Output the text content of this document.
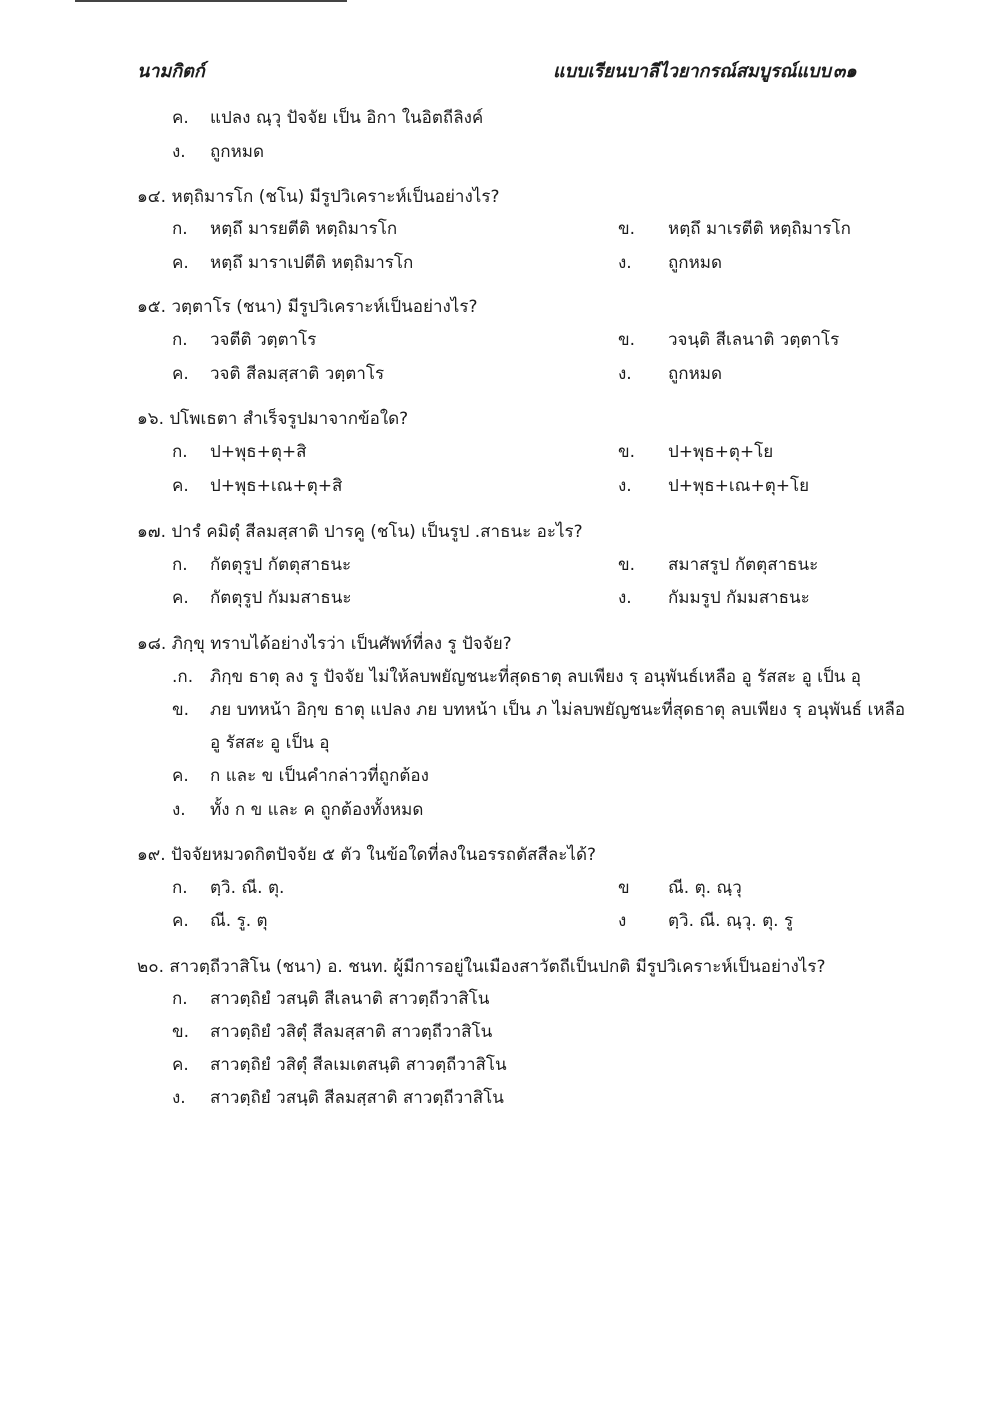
นามกิตก์	แบบเรียนบาลีไวยากรณ์สมบูรณ์แบบ ๓๑
ค.	แปลง ณฺวุ ปัจจัย เป็น อิกา ในอิตถีลิงค์
ง.	ถูกหมด
๑๔. หตฺถิมารโก (ชโน) มีรูปวิเคราะห์เป็นอย่างไร?
ก.	หตฺถึ มารยตีติ หตฺถิมารโก	ข.	หตฺถึ มาเรตีติ หตฺถิมารโก
ค.	หตฺถึ มาราเปตีติ หตฺถิมารโก	ง.	ถูกหมด
๑๕. วตฺตาโร (ชนา) มีรูปวิเคราะห์เป็นอย่างไร?
ก.	วจตีติ วตฺตาโร	ข.	วจนฺติ สีเลนาติ วตฺตาโร
ค.	วจติ สีลมสฺสาติ วตฺตาโร	ง.	ถูกหมด
๑๖. ปโพเธตา สำเร็จรูปมาจากข้อใด?
ก.	ป+พุธ+ตุ+สิ	ข.	ป+พุธ+ตุ+โย
ค.	ป+พุธ+เณ+ตุ+สิ	ง.	ป+พุธ+เณ+ตุ+โย
๑๗. ปารํ คมิตุํ สีลมสฺสาติ ปารคู (ชโน) เป็นรูป .สาธนะ อะไร?
ก.	กัตตุรูป กัตตุสาธนะ	ข.	สมาสรูป กัตตุสาธนะ
ค.	กัตตุรูป กัมมสาธนะ	ง.	กัมมรูป กัมมสาธนะ
๑๘. ภิกฺขุ ทราบได้อย่างไรว่า เป็นศัพท์ที่ลง รู ปัจจัย?
.ก. ภิกฺข ธาตุ ลง รู ปัจจัย ไม่ให้ลบพยัญชนะที่สุดธาตุ ลบเพียง รฺ อนุพันธ์เหลือ อู รัสสะ อู เป็น อุ
ข.	ภย บทหน้า อิกฺข ธาตุ แปลง ภย บทหน้า เป็น ภ ไม่ลบพยัญชนะที่สุดธาตุ ลบเพียง รฺ อนุพันธ์ เหลือ
อู รัสสะ อู เป็น อุ
ค.	ก และ ข เป็นคำกล่าวที่ถูกต้อง
ง.	ทั้ง ก ข และ ค ถูกต้องทั้งหมด
๑๙. ปัจจัยหมวดกิตปัจจัย ๕ ตัว ในข้อใดที่ลงในอรรถตัสสีละได้?
ก.	ตฺวิ. ณี. ตุ.	ข	ณี. ตุ. ณฺวุ
ค.	ณี. รู. ตุ	ง	ตฺวิ. ณี. ณฺวุ. ตุ. รู
๒๐. สาวตฺถีวาสิโน (ชนา) อ. ชนท. ผู้มีการอยู่ในเมืองสาวัตถีเป็นปกติ มีรูปวิเคราะห์เป็นอย่างไร?
ก.	สาวตฺถิยํ วสนฺติ สีเลนาติ สาวตฺถีวาสิโน
ข.	สาวตฺถิยํ วสิตุํ สีลมสฺสาติ สาวตฺถีวาสิโน
ค.	สาวตฺถิยํ วสิตุํ สีลเมเตสนฺติ สาวตฺถีวาสิโน
ง.	สาวตฺถิยํ วสนฺติ สีลมสฺสาติ สาวตฺถีวาสิโน
